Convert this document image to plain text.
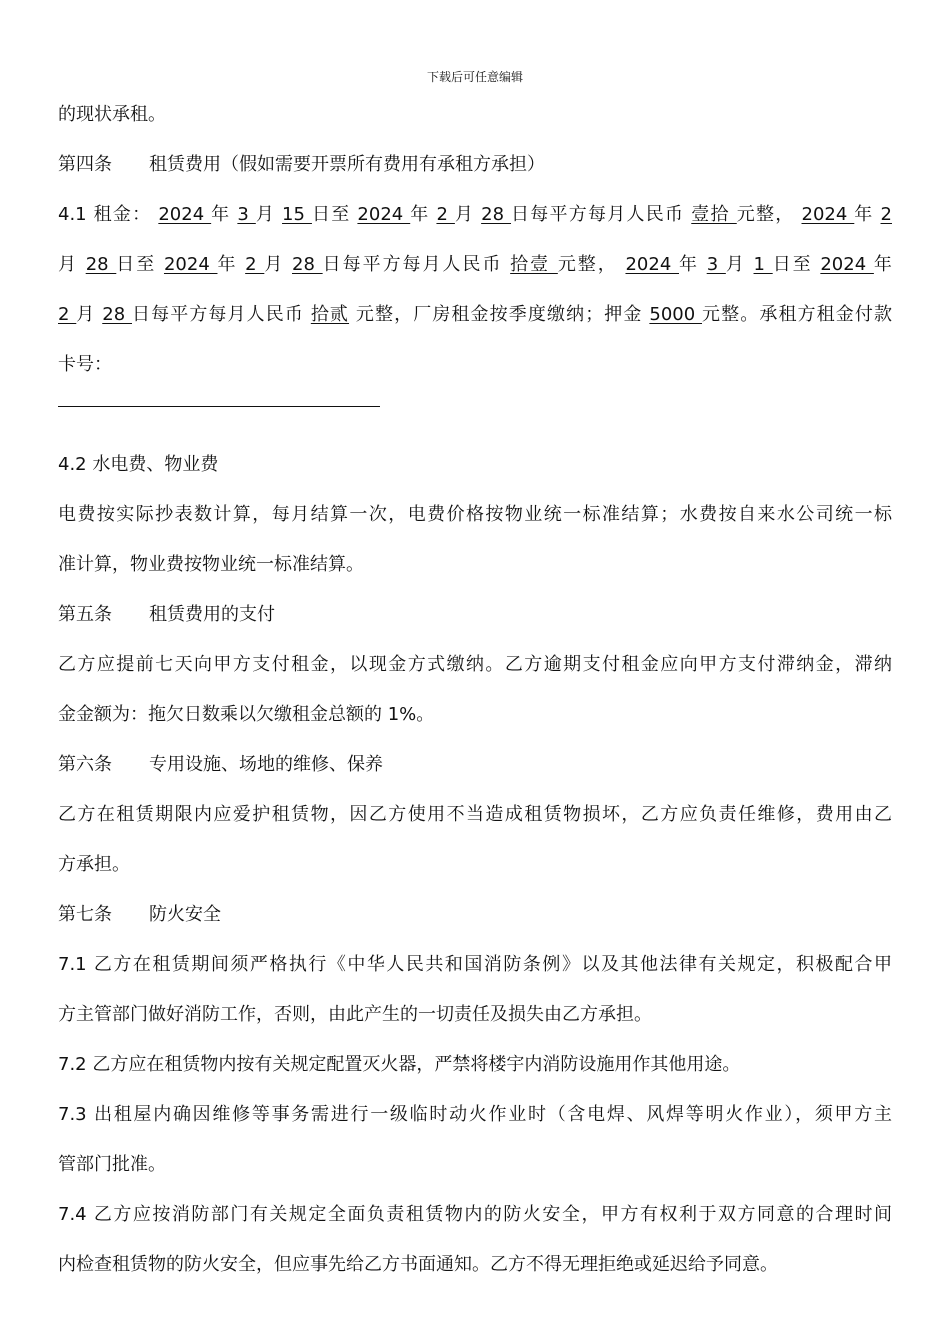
下载后可任意编辑
的现状承租。
第四条 租赁费用（假如需要开票所有费用有承租方承担）
4.1 租金： 2024 年 3 月 15 日至 2024 年 2 月 28 日每平方每月人民币 壹拾 元整， 2024 年 2
月 28 日至 2024 年 2 月 28 日每平方每月人民币 拾壹 元整， 2024 年 3 月 1 日至 2024 年
2 月 28 日每平方每月人民币 拾贰 元整，厂房租金按季度缴纳；押金 5000 元整。承租方租金付款
卡号：
4.2 水电费、物业费
电费按实际抄表数计算，每月结算一次，电费价格按物业统一标准结算；水费按自来水公司统一标
准计算，物业费按物业统一标准结算。
第五条 租赁费用的支付
乙方应提前七天向甲方支付租金，以现金方式缴纳。乙方逾期支付租金应向甲方支付滞纳金，滞纳
金金额为：拖欠日数乘以欠缴租金总额的 1%。
第六条 专用设施、场地的维修、保养
乙方在租赁期限内应爱护租赁物，因乙方使用不当造成租赁物损坏，乙方应负责任维修，费用由乙
方承担。
第七条 防火安全
7.1 乙方在租赁期间须严格执行《中华人民共和国消防条例》以及其他法律有关规定，积极配合甲
方主管部门做好消防工作，否则，由此产生的一切责任及损失由乙方承担。
7.2 乙方应在租赁物内按有关规定配置灭火器，严禁将楼宇内消防设施用作其他用途。
7.3 出租屋内确因维修等事务需进行一级临时动火作业时（含电焊、风焊等明火作业），须甲方主
管部门批准。
7.4 乙方应按消防部门有关规定全面负责租赁物内的防火安全，甲方有权利于双方同意的合理时间
内检查租赁物的防火安全，但应事先给乙方书面通知。乙方不得无理拒绝或延迟给予同意。
